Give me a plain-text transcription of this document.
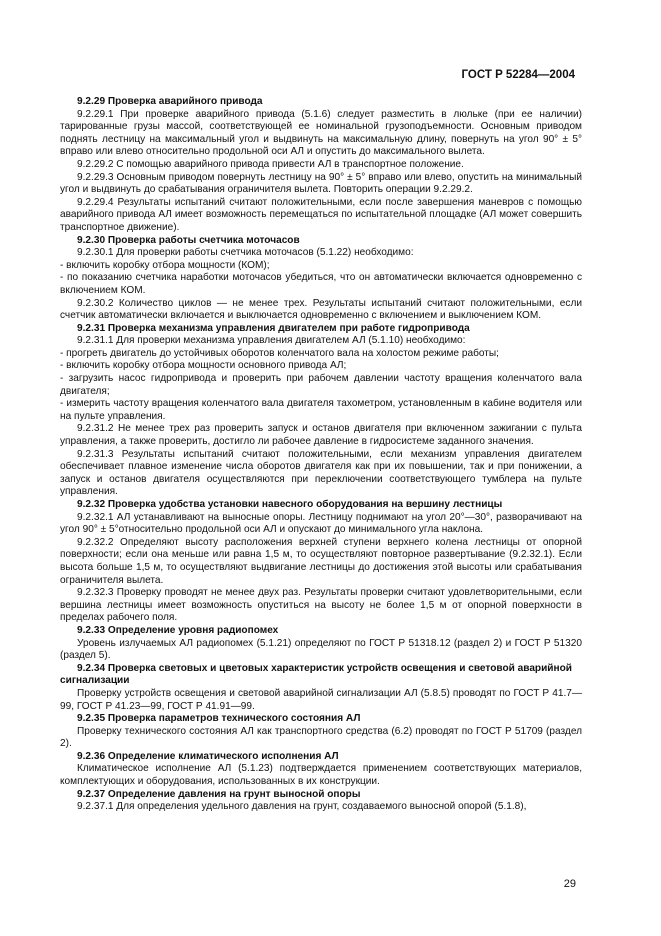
ГОСТ Р 52284—2004

9.2.29 Проверка аварийного привода

9.2.29.1 При проверке аварийного привода (5.1.6) следует разместить в люльке (при ее наличии) тарированные грузы массой, соответствующей ее номинальной грузоподъемности. Основным приводом поднять лестницу на максимальный угол и выдвинуть на максимальную длину, повернуть на угол 90° ± 5° вправо или влево относительно продольной оси АЛ и опустить до максимального вылета.

9.2.29.2 С помощью аварийного привода привести АЛ в транспортное положение.

9.2.29.3 Основным приводом повернуть лестницу на 90° ± 5° вправо или влево, опустить на минимальный угол и выдвинуть до срабатывания ограничителя вылета. Повторить операции 9.2.29.2.

9.2.29.4 Результаты испытаний считают положительными, если после завершения маневров с помощью аварийного привода АЛ имеет возможность перемещаться по испытательной площадке (АЛ может совершить транспортное движение).

9.2.30 Проверка работы счетчика моточасов

9.2.30.1 Для проверки работы счетчика моточасов (5.1.22) необходимо:

- включить коробку отбора мощности (КОМ);

- по показанию счетчика наработки моточасов убедиться, что он автоматически включается одновременно с включением КОМ.

9.2.30.2 Количество циклов — не менее трех. Результаты испытаний считают положительными, если счетчик автоматически включается и выключается одновременно с включением и выключением КОМ.

9.2.31 Проверка механизма управления двигателем при работе гидропривода

9.2.31.1 Для проверки механизма управления двигателем АЛ (5.1.10) необходимо:

- прогреть двигатель до устойчивых оборотов коленчатого вала на холостом режиме работы;

- включить коробку отбора мощности основного привода АЛ;

- загрузить насос гидропривода и проверить при рабочем давлении частоту вращения коленчатого вала двигателя;

- измерить частоту вращения коленчатого вала двигателя тахометром, установленным в кабине водителя или на пульте управления.

9.2.31.2 Не менее трех раз проверить запуск и останов двигателя при включенном зажигании с пульта управления, а также проверить, достигло ли рабочее давление в гидросистеме заданного значения.

9.2.31.3 Результаты испытаний считают положительными, если механизм управления двигателем обеспечивает плавное изменение числа оборотов двигателя как при их повышении, так и при понижении, а запуск и останов двигателя осуществляются при переключении соответствующего тумблера на пульте управления.

9.2.32 Проверка удобства установки навесного оборудования на вершину лестницы

9.2.32.1 АЛ устанавливают на выносные опоры. Лестницу поднимают на угол 20°—30°, разворачивают на угол 90° ± 5°относительно продольной оси АЛ и опускают до минимального угла наклона.

9.2.32.2 Определяют высоту расположения верхней ступени верхнего колена лестницы от опорной поверхности; если она меньше или равна 1,5 м, то осуществляют повторное развертывание (9.2.32.1). Если высота больше 1,5 м, то осуществляют выдвигание лестницы до достижения этой высоты или срабатывания ограничителя вылета.

9.2.32.3 Проверку проводят не менее двух раз. Результаты проверки считают удовлетворительными, если вершина лестницы имеет возможность опуститься на высоту не более 1,5 м от опорной поверхности в пределах рабочего поля.

9.2.33 Определение уровня радиопомех

Уровень излучаемых АЛ радиопомех (5.1.21) определяют по ГОСТ Р 51318.12 (раздел 2) и ГОСТ Р 51320 (раздел 5).

9.2.34 Проверка световых и цветовых характеристик устройств освещения и световой аварийной сигнализации

Проверку устройств освещения и световой аварийной сигнализации АЛ (5.8.5) проводят по ГОСТ Р 41.7—99, ГОСТ Р 41.23—99, ГОСТ Р 41.91—99.

9.2.35 Проверка параметров технического состояния АЛ

Проверку технического состояния АЛ как транспортного средства (6.2) проводят по ГОСТ Р 51709 (раздел 2).

9.2.36 Определение климатического исполнения АЛ

Климатическое исполнение АЛ (5.1.23) подтверждается применением соответствующих материалов, комплектующих и оборудования, использованных в их конструкции.

9.2.37 Определение давления на грунт выносной опоры

9.2.37.1 Для определения удельного давления на грунт, создаваемого выносной опорой (5.1.8),

29
